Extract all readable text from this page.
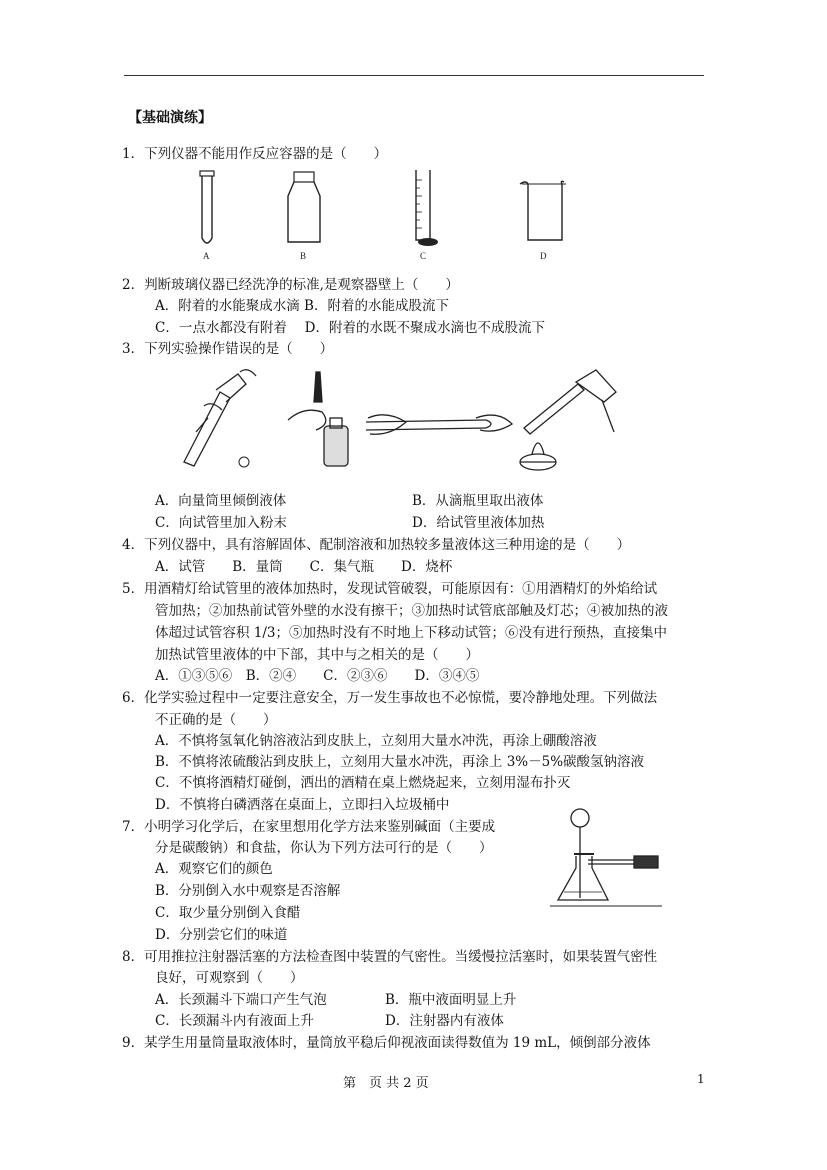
【基础演练】
1．下列仪器不能用作反应容器的是（　　）
A	B	C	D
2．判断玻璃仪器已经洗净的标准,是观察器壁上（　　）
A．附着的水能聚成水滴 B．附着的水能成股流下
C．一点水都没有附着　 D．附着的水既不聚成水滴也不成股流下
3．下列实验操作错误的是（　　）
A．向量筒里倾倒液体	B．从滴瓶里取出液体
C．向试管里加入粉末	D．给试管里液体加热
4．下列仪器中，具有溶解固体、配制溶液和加热较多量液体这三种用途的是（　　）
A．试管　　B．量筒　　C．集气瓶　　D．烧杯
5．用酒精灯给试管里的液体加热时，发现试管破裂，可能原因有：①用酒精灯的外焰给试
管加热；②加热前试管外壁的水没有擦干；③加热时试管底部触及灯芯；④被加热的液
体超过试管容积 1/3；⑤加热时没有不时地上下移动试管；⑥没有进行预热，直接集中
加热试管里液体的中下部，其中与之相关的是（　　）
A．①③⑤⑥　B．②④　　C．②③⑥　　D．③④⑤
6．化学实验过程中一定要注意安全，万一发生事故也不必惊慌，要冷静地处理。下列做法
不正确的是（　　）
A．不慎将氢氧化钠溶液沾到皮肤上，立刻用大量水冲洗，再涂上硼酸溶液
B．不慎将浓硫酸沾到皮肤上，立刻用大量水冲洗，再涂上 3%－5%碳酸氢钠溶液
C．不慎将酒精灯碰倒，洒出的酒精在桌上燃烧起来，立刻用湿布扑灭
D．不慎将白磷洒落在桌面上，立即扫入垃圾桶中
7．小明学习化学后，在家里想用化学方法来鉴别碱面（主要成
分是碳酸钠）和食盐，你认为下列方法可行的是（　　）
A．观察它们的颜色
B．分别倒入水中观察是否溶解
C．取少量分别倒入食醋
D．分别尝它们的味道
8．可用推拉注射器活塞的方法检查图中装置的气密性。当缓慢拉活塞时，如果装置气密性
良好，可观察到（　　）
A．长颈漏斗下端口产生气泡	B．瓶中液面明显上升
C．长颈漏斗内有液面上升	D．注射器内有液体
9．某学生用量筒量取液体时，量筒放平稳后仰视液面读得数值为 19 mL，倾倒部分液体
第　页 共 2 页	1
